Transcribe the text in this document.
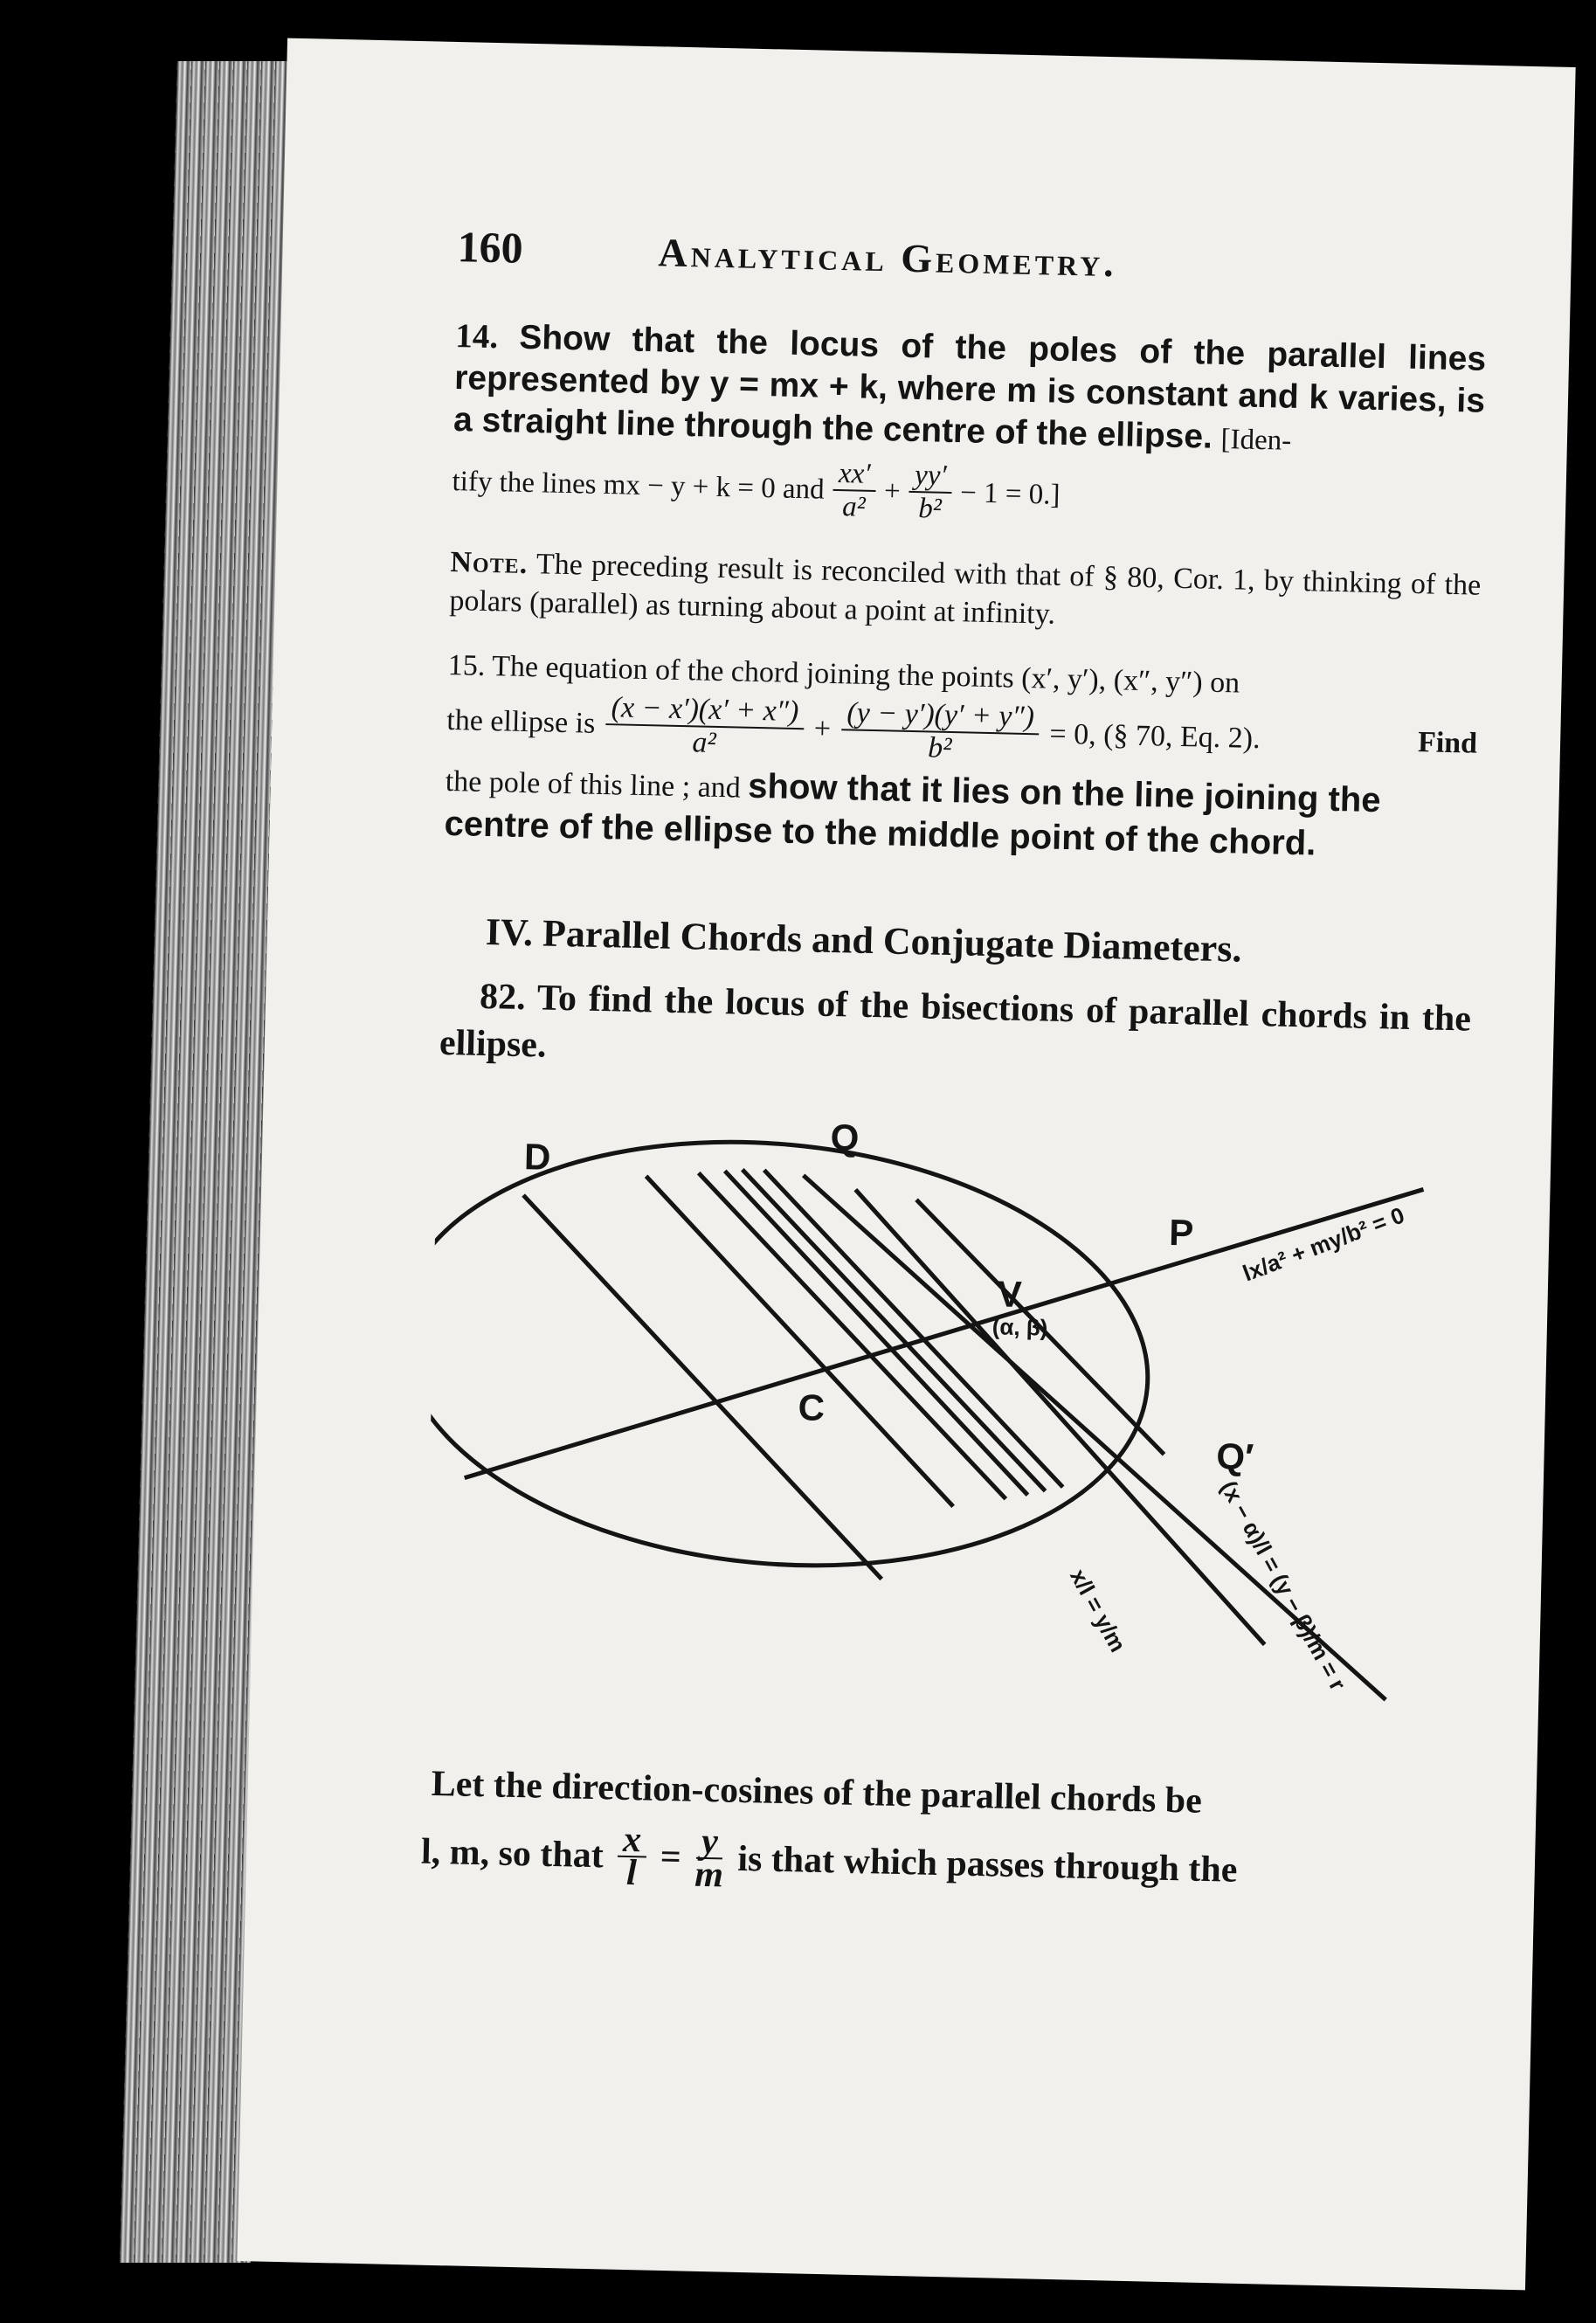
160	Analytical Geometry.

14. Show that the locus of the poles of the parallel lines represented by y = mx + k, where m is constant and k varies, is a straight line through the centre of the ellipse. [Iden-

tify the lines mx − y + k = 0 and $\frac{xx'}{\text{a²}} + \frac{yy'}{\text{b²}} - 1 = 0$.]

Note. The preceding result is reconciled with that of § 80, Cor. 1, by thinking of the polars (parallel) as turning about a point at infinity.

15. The equation of the chord joining the points (x′, y′), (x″, y″) on

the ellipse is $\frac{(x - x')(x' + x'')}{\text{a²}} + \frac{(y - y')(y' + y'')}{\text{b²}} = 0$, (§ 70, Eq. 2).	Find

the pole of this line ; and show that it lies on the line joining the centre of the ellipse to the middle point of the chord.

IV. Parallel Chords and Conjugate Diameters.

82. To find the locus of the bisections of parallel chords in the ellipse.

D	Q
P
V
(α, β)
C
Q′
lx/a² + my/b² = 0
(x − α)/l = (y − β)/m = r
x/l = y/m

Let the direction-cosines of the parallel chords be

l, m, so that $\frac{x}{l} = \frac{y}{m}$ is that which passes through the
